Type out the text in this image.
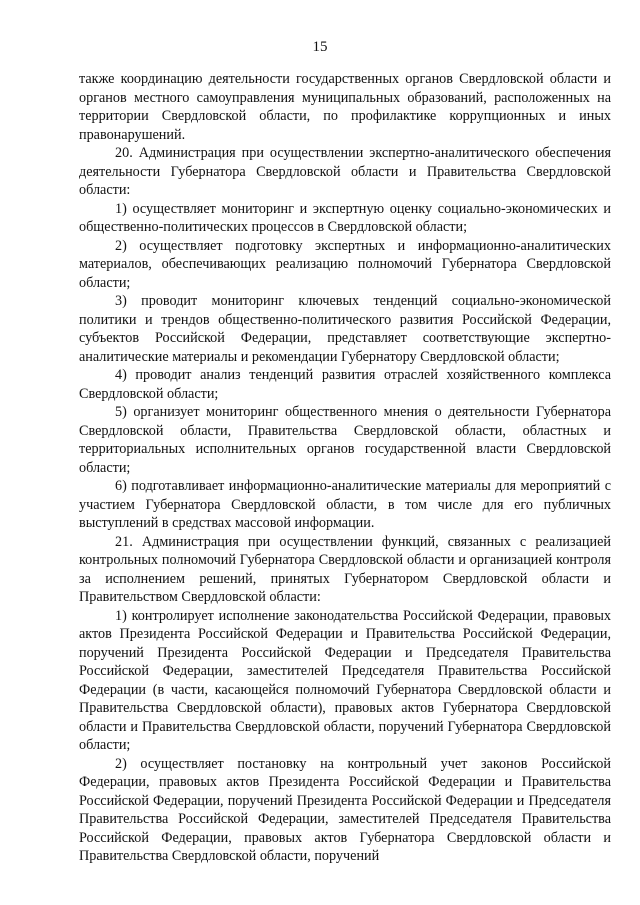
15

также координацию деятельности государственных органов Свердловской области и органов местного самоуправления муниципальных образований, расположенных на территории Свердловской области, по профилактике коррупционных и иных правонарушений.

20. Администрация при осуществлении экспертно-аналитического обеспечения деятельности Губернатора Свердловской области и Правительства Свердловской области:

1) осуществляет мониторинг и экспертную оценку социально-экономических и общественно-политических процессов в Свердловской области;

2) осуществляет подготовку экспертных и информационно-аналитических материалов, обеспечивающих реализацию полномочий Губернатора Свердловской области;

3) проводит мониторинг ключевых тенденций социально-экономической политики и трендов общественно-политического развития Российской Федерации, субъектов Российской Федерации, представляет соответствующие экспертно-аналитические материалы и рекомендации Губернатору Свердловской области;

4) проводит анализ тенденций развития отраслей хозяйственного комплекса Свердловской области;

5) организует мониторинг общественного мнения о деятельности Губернатора Свердловской области, Правительства Свердловской области, областных и территориальных исполнительных органов государственной власти Свердловской области;

6) подготавливает информационно-аналитические материалы для мероприятий с участием Губернатора Свердловской области, в том числе для его публичных выступлений в средствах массовой информации.

21. Администрация при осуществлении функций, связанных с реализацией контрольных полномочий Губернатора Свердловской области и организацией контроля за исполнением решений, принятых Губернатором Свердловской области и Правительством Свердловской области:

1) контролирует исполнение законодательства Российской Федерации, правовых актов Президента Российской Федерации и Правительства Российской Федерации, поручений Президента Российской Федерации и Председателя Правительства Российской Федерации, заместителей Председателя Правительства Российской Федерации (в части, касающейся полномочий Губернатора Свердловской области и Правительства Свердловской области), правовых актов Губернатора Свердловской области и Правительства Свердловской области, поручений Губернатора Свердловской области;

2) осуществляет постановку на контрольный учет законов Российской Федерации, правовых актов Президента Российской Федерации и Правительства Российской Федерации, поручений Президента Российской Федерации и Председателя Правительства Российской Федерации, заместителей Председателя Правительства Российской Федерации, правовых актов Губернатора Свердловской области и Правительства Свердловской области, поручений
